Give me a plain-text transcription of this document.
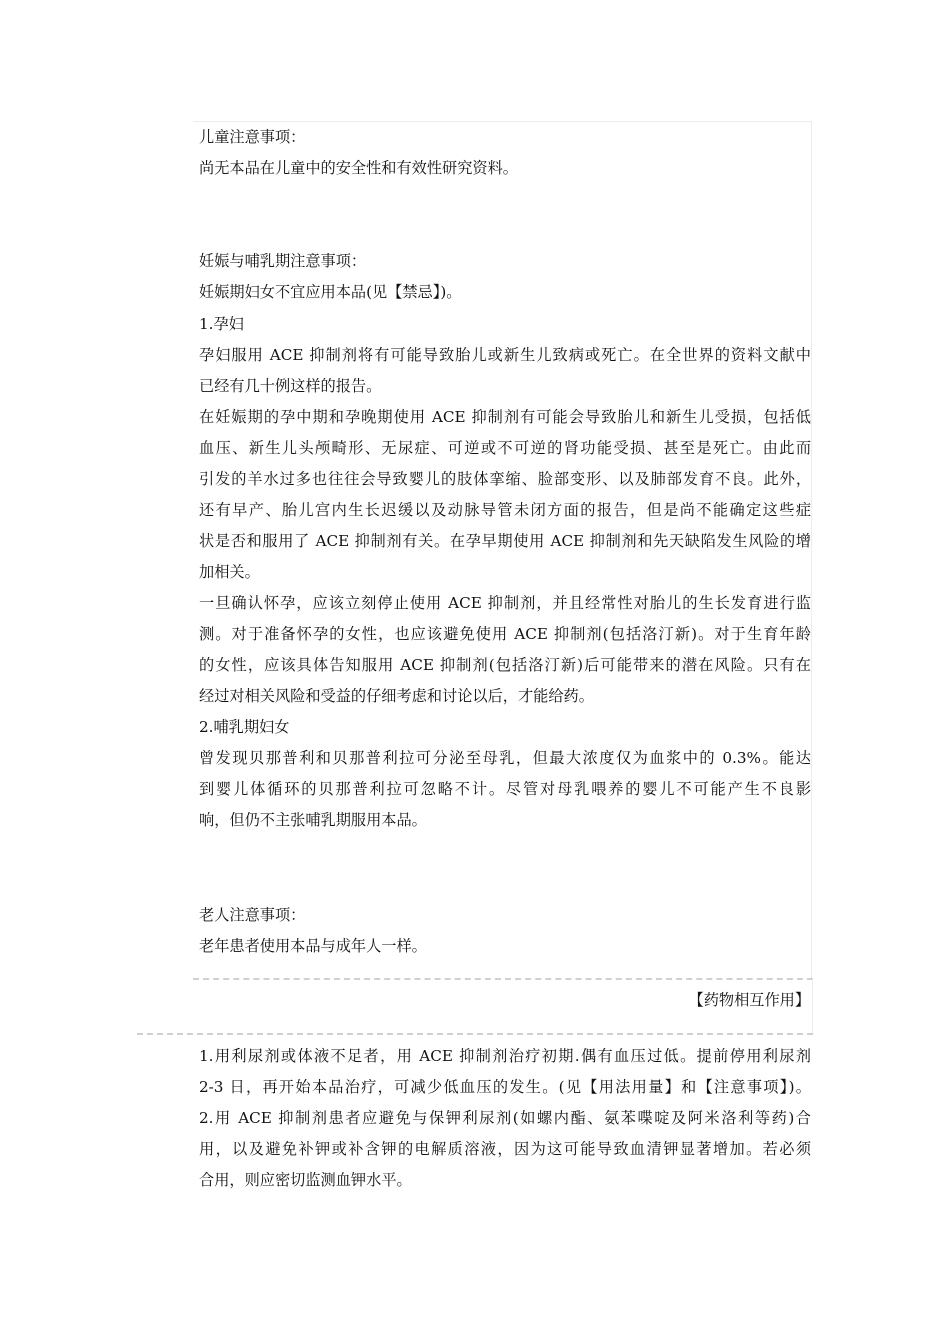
儿童注意事项：
尚无本品在儿童中的安全性和有效性研究资料。
妊娠与哺乳期注意事项：
妊娠期妇女不宜应用本品(见【禁忌】)。
1.孕妇
孕妇服用 ACE 抑制剂将有可能导致胎儿或新生儿致病或死亡。在全世界的资料文献中
已经有几十例这样的报告。
在妊娠期的孕中期和孕晚期使用 ACE 抑制剂有可能会导致胎儿和新生儿受损，包括低
血压、新生儿头颅畸形、无尿症、可逆或不可逆的肾功能受损、甚至是死亡。由此而
引发的羊水过多也往往会导致婴儿的肢体挛缩、脸部变形、以及肺部发育不良。此外，
还有早产、胎儿宫内生长迟缓以及动脉导管未闭方面的报告，但是尚不能确定这些症
状是否和服用了 ACE 抑制剂有关。在孕早期使用 ACE 抑制剂和先天缺陷发生风险的增
加相关。
一旦确认怀孕，应该立刻停止使用 ACE 抑制剂，并且经常性对胎儿的生长发育进行监
测。对于准备怀孕的女性，也应该避免使用 ACE 抑制剂(包括洛汀新)。对于生育年龄
的女性，应该具体告知服用 ACE 抑制剂(包括洛汀新)后可能带来的潜在风险。只有在
经过对相关风险和受益的仔细考虑和讨论以后，才能给药。
2.哺乳期妇女
曾发现贝那普利和贝那普利拉可分泌至母乳，但最大浓度仅为血浆中的 0.3%。能达
到婴儿体循环的贝那普利拉可忽略不计。尽管对母乳喂养的婴儿不可能产生不良影
响，但仍不主张哺乳期服用本品。
老人注意事项：
老年患者使用本品与成年人一样。
【药物相互作用】
1.用利尿剂或体液不足者，用 ACE 抑制剂治疗初期.偶有血压过低。提前停用利尿剂
2-3 日，再开始本品治疗，可减少低血压的发生。(见【用法用量】和【注意事项】)。
2.用 ACE 抑制剂患者应避免与保钾利尿剂(如螺内酯、氨苯喋啶及阿米洛利等药)合
用，以及避免补钾或补含钾的电解质溶液，因为这可能导致血清钾显著增加。若必须
合用，则应密切监测血钾水平。
